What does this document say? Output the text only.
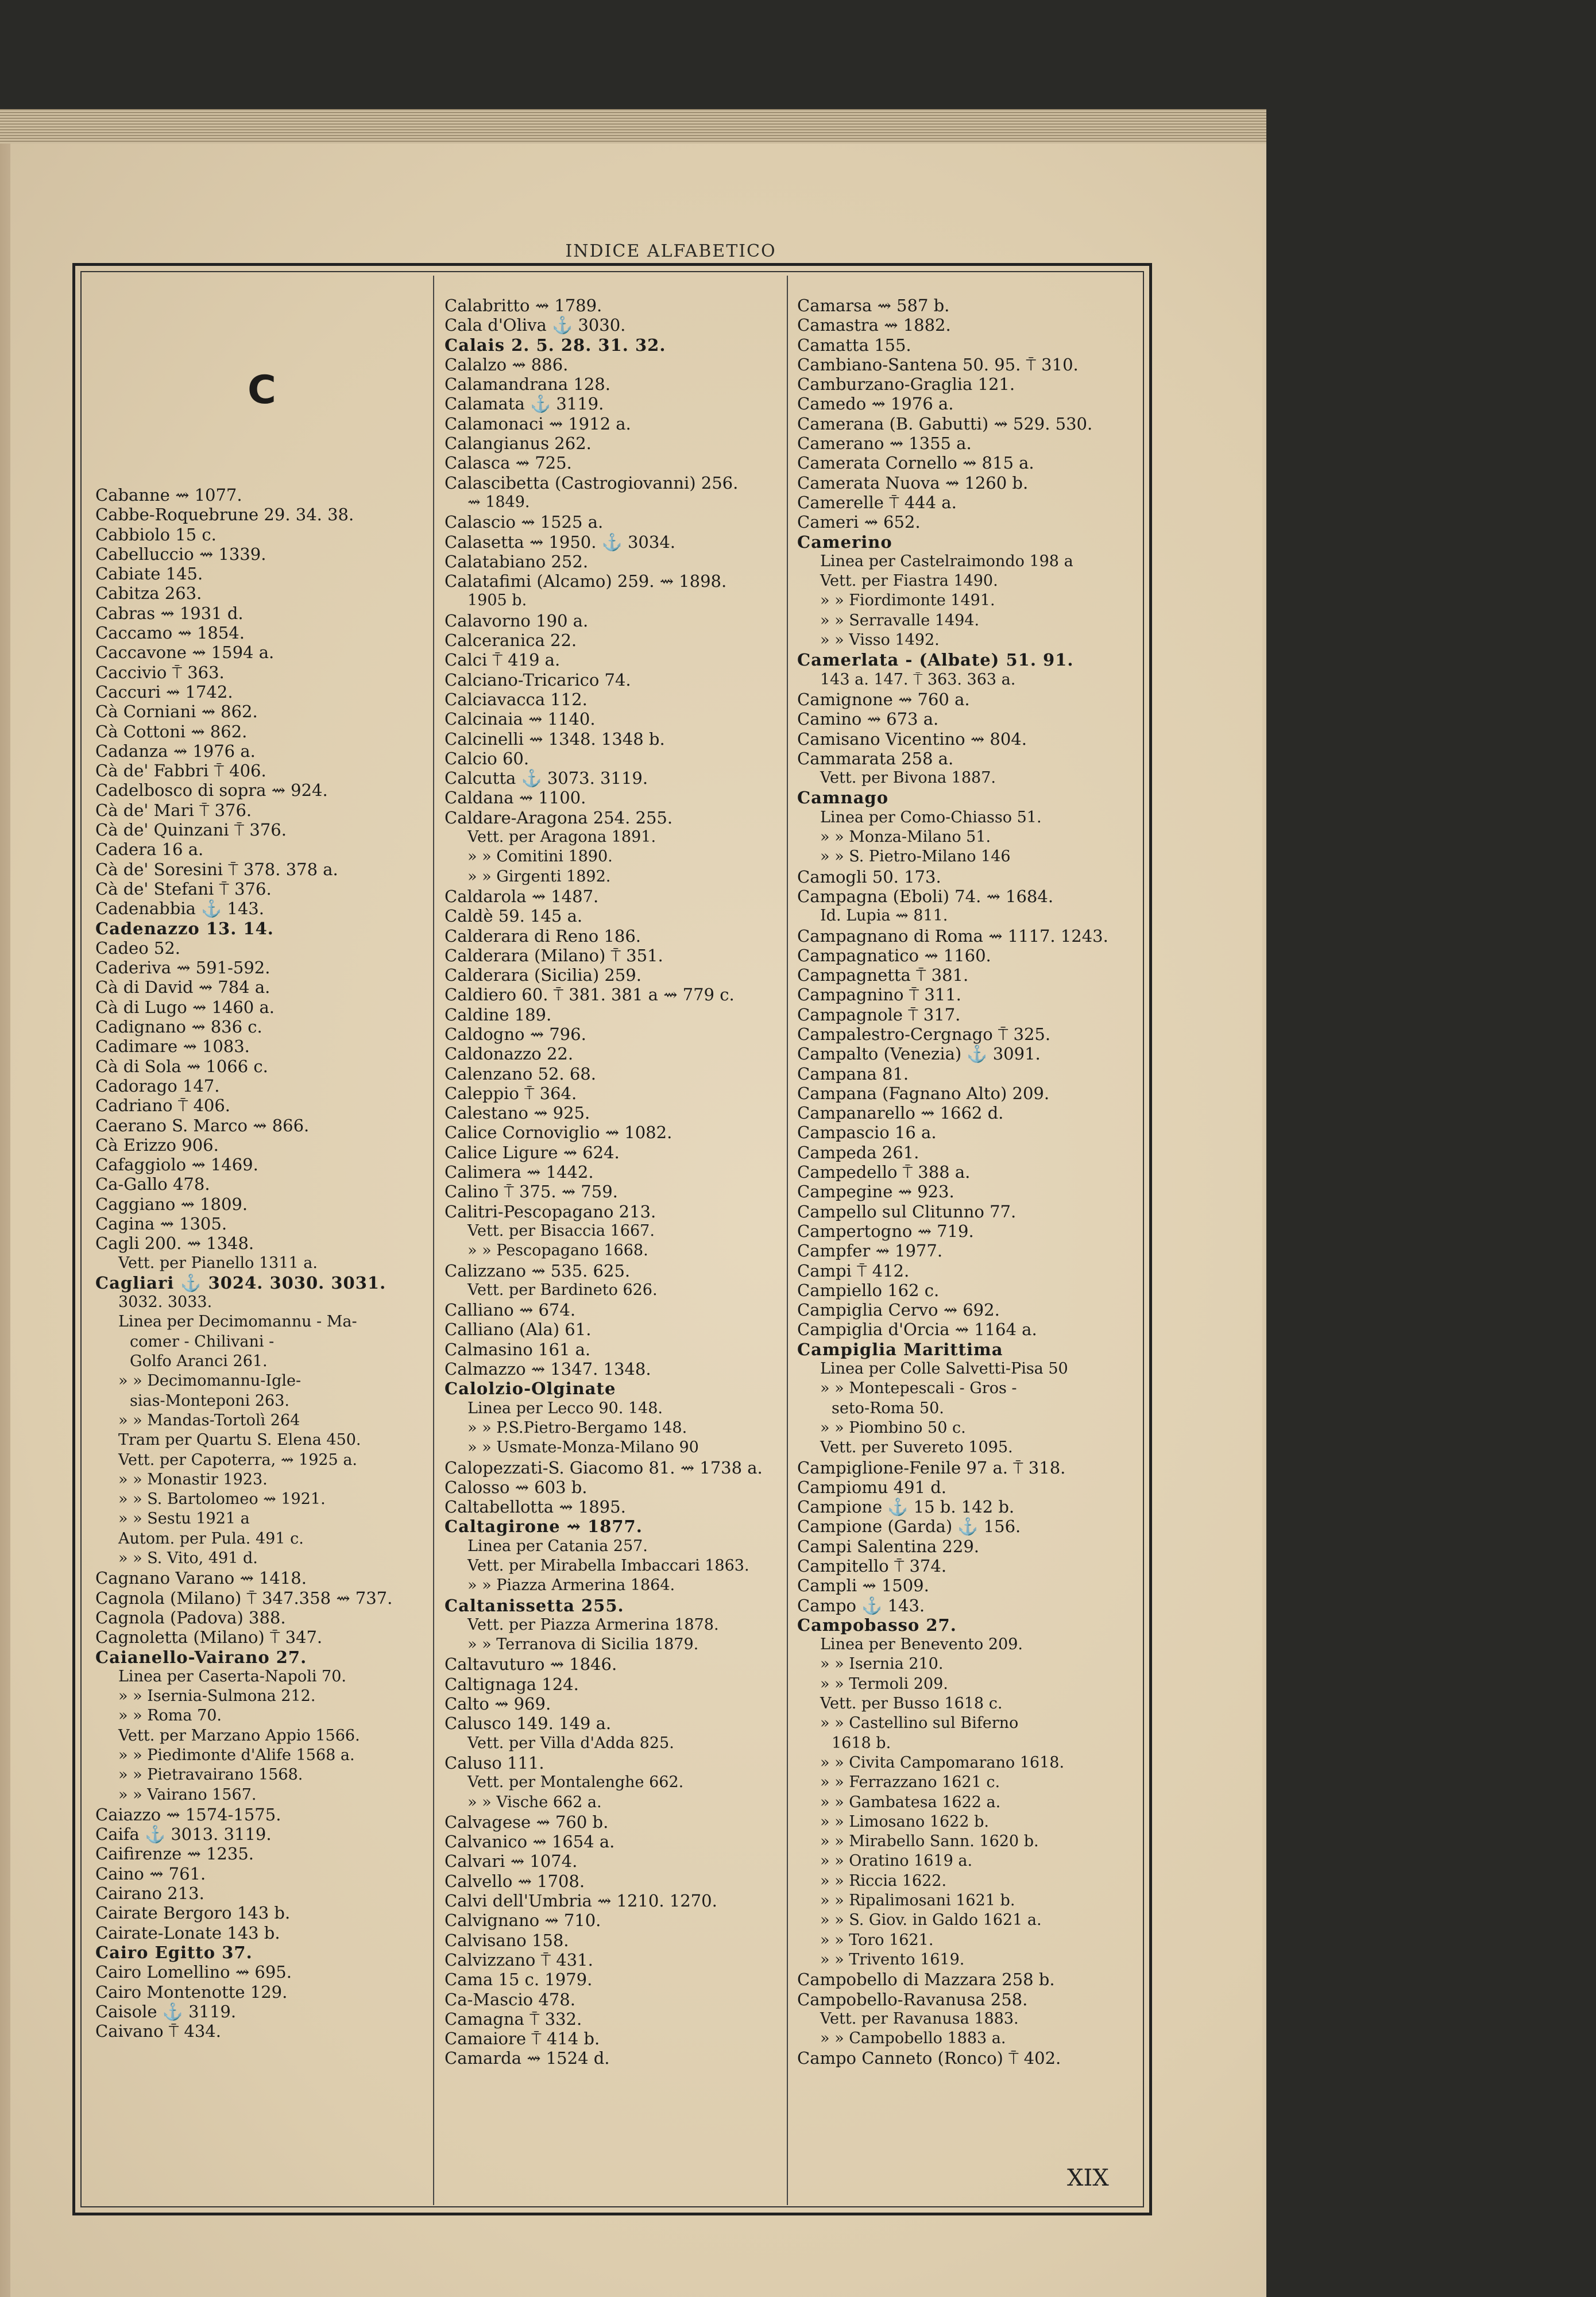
INDICE ALFABETICO
C
Cabanne ⇝ 1077.
Cabbe-Roquebrune 29. 34. 38.
Cabbiolo 15 c.
Cabelluccio ⇝ 1339.
Cabiate 145.
Cabitza 263.
Cabras ⇝ 1931 d.
Caccamo ⇝ 1854.
Caccavone ⇝ 1594 a.
Caccivio ⍑ 363.
Caccuri ⇝ 1742.
Cà Corniani ⇝ 862.
Cà Cottoni ⇝ 862.
Cadanza ⇝ 1976 a.
Cà de' Fabbri ⍑ 406.
Cadelbosco di sopra ⇝ 924.
Cà de' Mari ⍑ 376.
Cà de' Quinzani ⍑ 376.
Cadera 16 a.
Cà de' Soresini ⍑ 378. 378 a.
Cà de' Stefani ⍑ 376.
Cadenabbia ⚓ 143.
Cadenazzo 13. 14.
Cadeo 52.
Caderiva ⇝ 591-592.
Cà di David ⇝ 784 a.
Cà di Lugo ⇝ 1460 a.
Cadignano ⇝ 836 c.
Cadimare ⇝ 1083.
Cà di Sola ⇝ 1066 c.
Cadorago 147.
Cadriano ⍑ 406.
Caerano S. Marco ⇝ 866.
Cà Erizzo 906.
Cafaggiolo ⇝ 1469.
Ca-Gallo 478.
Caggiano ⇝ 1809.
Cagina ⇝ 1305.
Cagli 200. ⇝ 1348.
Vett. per Pianello 1311 a.
Cagliari ⚓ 3024. 3030. 3031.
3032. 3033.
Linea per Decimomannu - Ma-
comer - Chilivani -
Golfo Aranci 261.
» » Decimomannu-Igle-
sias-Monteponi 263.
» » Mandas-Tortolì 264
Tram per Quartu S. Elena 450.
Vett. per Capoterra, ⇝ 1925 a.
» » Monastir 1923.
» » S. Bartolomeo ⇝ 1921.
» » Sestu 1921 a
Autom. per Pula. 491 c.
» » S. Vito, 491 d.
Cagnano Varano ⇝ 1418.
Cagnola (Milano) ⍑ 347.358 ⇝ 737.
Cagnola (Padova) 388.
Cagnoletta (Milano) ⍑ 347.
Caianello-Vairano 27.
Linea per Caserta-Napoli 70.
» » Isernia-Sulmona 212.
» » Roma 70.
Vett. per Marzano Appio 1566.
» » Piedimonte d'Alife 1568 a.
» » Pietravairano 1568.
» » Vairano 1567.
Caiazzo ⇝ 1574-1575.
Caifa ⚓ 3013. 3119.
Caifirenze ⇝ 1235.
Caino ⇝ 761.
Cairano 213.
Cairate Bergoro 143 b.
Cairate-Lonate 143 b.
Cairo Egitto 37.
Cairo Lomellino ⇝ 695.
Cairo Montenotte 129.
Caisole ⚓ 3119.
Caivano ⍑ 434.
Calabritto ⇝ 1789.
Cala d'Oliva ⚓ 3030.
Calais 2. 5. 28. 31. 32.
Calalzo ⇝ 886.
Calamandrana 128.
Calamata ⚓ 3119.
Calamonaci ⇝ 1912 a.
Calangianus 262.
Calasca ⇝ 725.
Calascibetta (Castrogiovanni) 256.
⇝ 1849.
Calascio ⇝ 1525 a.
Calasetta ⇝ 1950. ⚓ 3034.
Calatabiano 252.
Calatafimi (Alcamo) 259. ⇝ 1898.
1905 b.
Calavorno 190 a.
Calceranica 22.
Calci ⍑ 419 a.
Calciano-Tricarico 74.
Calciavacca 112.
Calcinaia ⇝ 1140.
Calcinelli ⇝ 1348. 1348 b.
Calcio 60.
Calcutta ⚓ 3073. 3119.
Caldana ⇝ 1100.
Caldare-Aragona 254. 255.
Vett. per Aragona 1891.
» » Comitini 1890.
» » Girgenti 1892.
Caldarola ⇝ 1487.
Caldè 59. 145 a.
Calderara di Reno 186.
Calderara (Milano) ⍑ 351.
Calderara (Sicilia) 259.
Caldiero 60. ⍑ 381. 381 a ⇝ 779 c.
Caldine 189.
Caldogno ⇝ 796.
Caldonazzo 22.
Calenzano 52. 68.
Caleppio ⍑ 364.
Calestano ⇝ 925.
Calice Cornoviglio ⇝ 1082.
Calice Ligure ⇝ 624.
Calimera ⇝ 1442.
Calino ⍑ 375. ⇝ 759.
Calitri-Pescopagano 213.
Vett. per Bisaccia 1667.
» » Pescopagano 1668.
Calizzano ⇝ 535. 625.
Vett. per Bardineto 626.
Calliano ⇝ 674.
Calliano (Ala) 61.
Calmasino 161 a.
Calmazzo ⇝ 1347. 1348.
Calolzio-Olginate
Linea per Lecco 90. 148.
» » P.S.Pietro-Bergamo 148.
» » Usmate-Monza-Milano 90
Calopezzati-S. Giacomo 81. ⇝ 1738 a.
Calosso ⇝ 603 b.
Caltabellotta ⇝ 1895.
Caltagirone ⇝ 1877.
Linea per Catania 257.
Vett. per Mirabella Imbaccari 1863.
» » Piazza Armerina 1864.
Caltanissetta 255.
Vett. per Piazza Armerina 1878.
» » Terranova di Sicilia 1879.
Caltavuturo ⇝ 1846.
Caltignaga 124.
Calto ⇝ 969.
Calusco 149. 149 a.
Vett. per Villa d'Adda 825.
Caluso 111.
Vett. per Montalenghe 662.
» » Vische 662 a.
Calvagese ⇝ 760 b.
Calvanico ⇝ 1654 a.
Calvari ⇝ 1074.
Calvello ⇝ 1708.
Calvi dell'Umbria ⇝ 1210. 1270.
Calvignano ⇝ 710.
Calvisano 158.
Calvizzano ⍑ 431.
Cama 15 c. 1979.
Ca-Mascio 478.
Camagna ⍑ 332.
Camaiore ⍑ 414 b.
Camarda ⇝ 1524 d.
Camarsa ⇝ 587 b.
Camastra ⇝ 1882.
Camatta 155.
Cambiano-Santena 50. 95. ⍑ 310.
Camburzano-Graglia 121.
Camedo ⇝ 1976 a.
Camerana (B. Gabutti) ⇝ 529. 530.
Camerano ⇝ 1355 a.
Camerata Cornello ⇝ 815 a.
Camerata Nuova ⇝ 1260 b.
Camerelle ⍑ 444 a.
Cameri ⇝ 652.
Camerino
Linea per Castelraimondo 198 a
Vett. per Fiastra 1490.
» » Fiordimonte 1491.
» » Serravalle 1494.
» » Visso 1492.
Camerlata - (Albate) 51. 91.
143 a. 147. ⍑ 363. 363 a.
Camignone ⇝ 760 a.
Camino ⇝ 673 a.
Camisano Vicentino ⇝ 804.
Cammarata 258 a.
Vett. per Bivona 1887.
Camnago
Linea per Como-Chiasso 51.
» » Monza-Milano 51.
» » S. Pietro-Milano 146
Camogli 50. 173.
Campagna (Eboli) 74. ⇝ 1684.
Id. Lupia ⇝ 811.
Campagnano di Roma ⇝ 1117. 1243.
Campagnatico ⇝ 1160.
Campagnetta ⍑ 381.
Campagnino ⍑ 311.
Campagnole ⍑ 317.
Campalestro-Cergnago ⍑ 325.
Campalto (Venezia) ⚓ 3091.
Campana 81.
Campana (Fagnano Alto) 209.
Campanarello ⇝ 1662 d.
Campascio 16 a.
Campeda 261.
Campedello ⍑ 388 a.
Campegine ⇝ 923.
Campello sul Clitunno 77.
Campertogno ⇝ 719.
Campfer ⇝ 1977.
Campi ⍑ 412.
Campiello 162 c.
Campiglia Cervo ⇝ 692.
Campiglia d'Orcia ⇝ 1164 a.
Campiglia Marittima
Linea per Colle Salvetti-Pisa 50
» » Montepescali - Gros -
seto-Roma 50.
» » Piombino 50 c.
Vett. per Suvereto 1095.
Campiglione-Fenile 97 a. ⍑ 318.
Campiomu 491 d.
Campione ⚓ 15 b. 142 b.
Campione (Garda) ⚓ 156.
Campi Salentina 229.
Campitello ⍑ 374.
Campli ⇝ 1509.
Campo ⚓ 143.
Campobasso 27.
Linea per Benevento 209.
» » Isernia 210.
» » Termoli 209.
Vett. per Busso 1618 c.
» » Castellino sul Biferno
1618 b.
» » Civita Campomarano 1618.
» » Ferrazzano 1621 c.
» » Gambatesa 1622 a.
» » Limosano 1622 b.
» » Mirabello Sann. 1620 b.
» » Oratino 1619 a.
» » Riccia 1622.
» » Ripalimosani 1621 b.
» » S. Giov. in Galdo 1621 a.
» » Toro 1621.
» » Trivento 1619.
Campobello di Mazzara 258 b.
Campobello-Ravanusa 258.
Vett. per Ravanusa 1883.
» » Campobello 1883 a.
Campo Canneto (Ronco) ⍑ 402.
XIX
